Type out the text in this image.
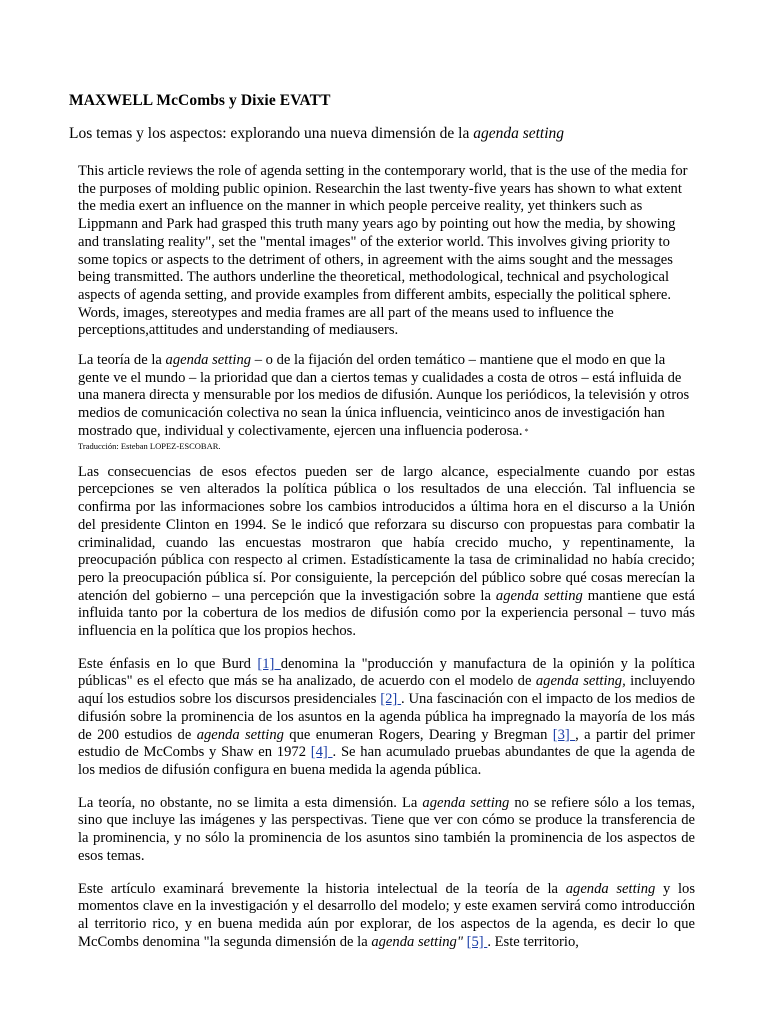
MAXWELL McCombs y Dixie EVATT
Los temas y los aspectos: explorando una nueva dimensión de la agenda setting

This article reviews the role of agenda setting in the contemporary world, that is the use of the media for the purposes of molding public opinion. Researchin the last twenty-five years has shown to what extent the media exert an influence on the manner in which people perceive reality, yet thinkers such as Lippmann and Park had grasped this truth many years ago by pointing out how the media, by showing and translating reality", set the "mental images" of the exterior world. This involves giving priority to some topics or aspects to the detriment of others, in agreement with the aims sought and the messages being transmitted. The authors underline the theoretical, methodological, technical and psychological aspects of agenda setting, and provide examples from different ambits, especially the political sphere. Words, images, stereotypes and media frames are all part of the means used to influence the perceptions,attitudes and understanding of mediausers.

La teoría de la agenda setting – o de la fijación del orden temático – mantiene que el modo en que la gente ve el mundo – la prioridad que dan a ciertos temas y cualidades a costa de otros – está influida de una manera directa y mensurable por los medios de difusión. Aunque los periódicos, la televisión y otros medios de comunicación colectiva no sean la única influencia, veinticinco anos de investigación han mostrado que, individual y colectivamente, ejercen una influencia poderosa. *

Traducción: Esteban LOPEZ-ESCOBAR.

Las consecuencias de esos efectos pueden ser de largo alcance, especialmente cuando por estas percepciones se ven alterados la política pública o los resultados de una elección. Tal influencia se confirma por las informaciones sobre los cambios introducidos a última hora en el discurso a la Unión del presidente Clinton en 1994. Se le indicó que reforzara su discurso con propuestas para combatir la criminalidad, cuando las encuestas mostraron que había crecido mucho, y repentinamente, la preocupación pública con respecto al crimen. Estadísticamente la tasa de criminalidad no había crecido; pero la preocupación pública sí. Por consiguiente, la percepción del público sobre qué cosas merecían la atención del gobierno – una percepción que la investigación sobre la agenda setting mantiene que está influida tanto por la cobertura de los medios de difusión como por la experiencia personal – tuvo más influencia en la política que los propios hechos.

Este énfasis en lo que Burd [1] denomina la "producción y manufactura de la opinión y la política públicas" es el efecto que más se ha analizado, de acuerdo con el modelo de agenda setting, incluyendo aquí los estudios sobre los discursos presidenciales [2] . Una fascinación con el impacto de los medios de difusión sobre la prominencia de los asuntos en la agenda pública ha impregnado la mayoría de los más de 200 estudios de agenda setting que enumeran Rogers, Dearing y Bregman [3] , a partir del primer estudio de McCombs y Shaw en 1972 [4] . Se han acumulado pruebas abundantes de que la agenda de los medios de difusión configura en buena medida la agenda pública.

La teoría, no obstante, no se limita a esta dimensión. La agenda setting no se refiere sólo a los temas, sino que incluye las imágenes y las perspectivas. Tiene que ver con cómo se produce la transferencia de la prominencia, y no sólo la prominencia de los asuntos sino también la prominencia de los aspectos de esos temas.

Este artículo examinará brevemente la historia intelectual de la teoría de la agenda setting y los momentos clave en la investigación y el desarrollo del modelo; y este examen servirá como introducción al territorio rico, y en buena medida aún por explorar, de los aspectos de la agenda, es decir lo que McCombs denomina "la segunda dimensión de la agenda setting" [5] . Este territorio,
